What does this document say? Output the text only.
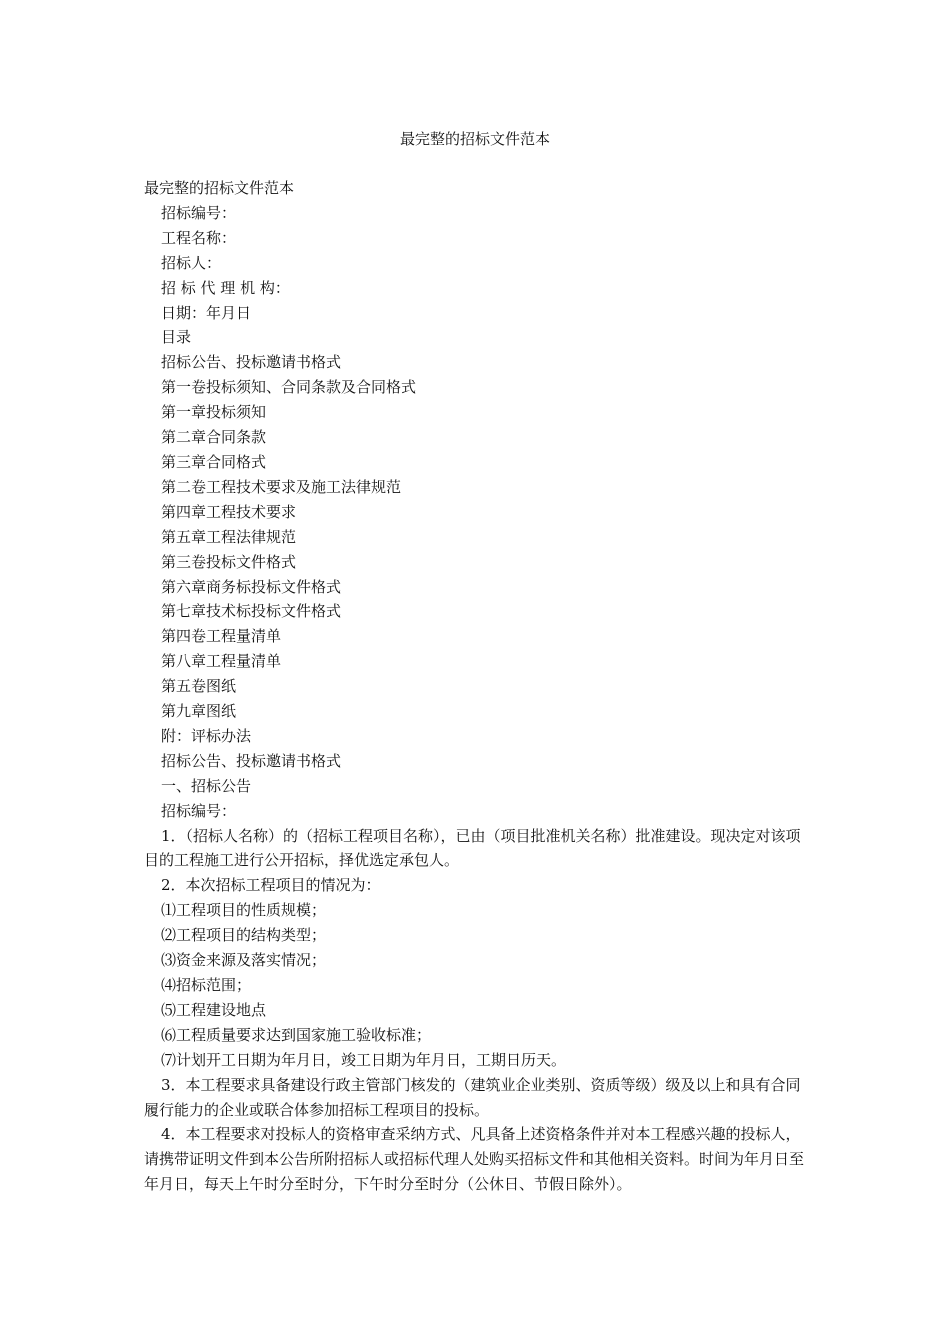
最完整的招标文件范本
最完整的招标文件范本
招标编号：
工程名称：
招标人：
招 标 代 理 机 构：
日期：年月日
目录
招标公告、投标邀请书格式
第一卷投标须知、合同条款及合同格式
第一章投标须知
第二章合同条款
第三章合同格式
第二卷工程技术要求及施工法律规范
第四章工程技术要求
第五章工程法律规范
第三卷投标文件格式
第六章商务标投标文件格式
第七章技术标投标文件格式
第四卷工程量清单
第八章工程量清单
第五卷图纸
第九章图纸
附：评标办法
招标公告、投标邀请书格式
一、招标公告
招标编号：

1．（招标人名称）的（招标工程项目名称），已由（项目批准机关名称）批准建设。现决定对该项目的工程施工进行公开招标，择优选定承包人。

2．本次招标工程项目的情况为：
⑴工程项目的性质规模；
⑵工程项目的结构类型；
⑶资金来源及落实情况；
⑷招标范围；
⑸工程建设地点
⑹工程质量要求达到国家施工验收标准；
⑺计划开工日期为年月日，竣工日期为年月日，工期日历天。

3．本工程要求具备建设行政主管部门核发的（建筑业企业类别、资质等级）级及以上和具有合同履行能力的企业或联合体参加招标工程项目的投标。

4．本工程要求对投标人的资格审查采纳方式、凡具备上述资格条件并对本工程感兴趣的投标人，请携带证明文件到本公告所附招标人或招标代理人处购买招标文件和其他相关资料。时间为年月日至年月日，每天上午时分至时分，下午时分至时分（公休日、节假日除外）。
